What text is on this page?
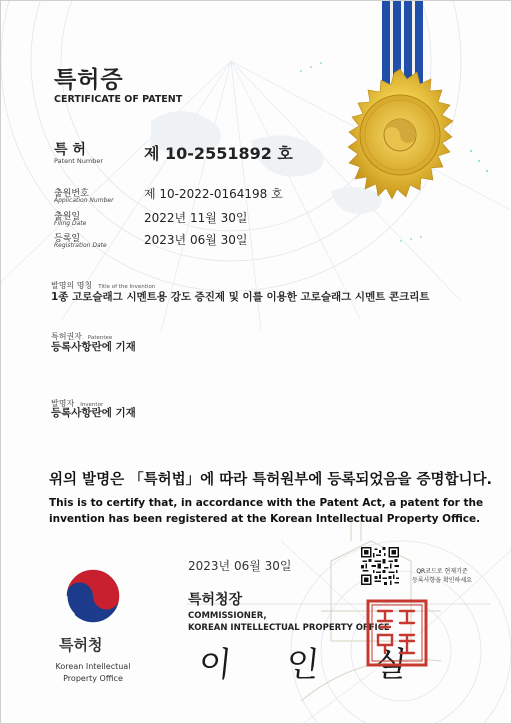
특허증
CERTIFICATE OF PATENT
특 허
Patent Number	제 10-2551892 호
출원번호
Application Number	제 10-2022-0164198 호
출원일
Filing Date	2022년 11월 30일
등록일
Registration Date	2023년 06월 30일
발명의 명칭 Title of the Invention
1종 고로슬래그 시멘트용 강도 증진제 및 이를 이용한 고로슬래그 시멘트 콘크리트
특허권자 Patentee
등록사항란에 기재
발명자 Inventor
등록사항란에 기재
위의 발명은 「특허법」에 따라 특허원부에 등록되었음을 증명합니다.
This is to certify that, in accordance with the Patent Act, a patent for the
invention has been registered at the Korean Intellectual Property Office.
2023년 06월 30일	QR코드로 현재기준
등록사항을 확인하세요
특허청장
COMMISSIONER,
KOREAN INTELLECTUAL PROPERTY OFFICE
이 인 실
특허청
Korean Intellectual
Property Office
